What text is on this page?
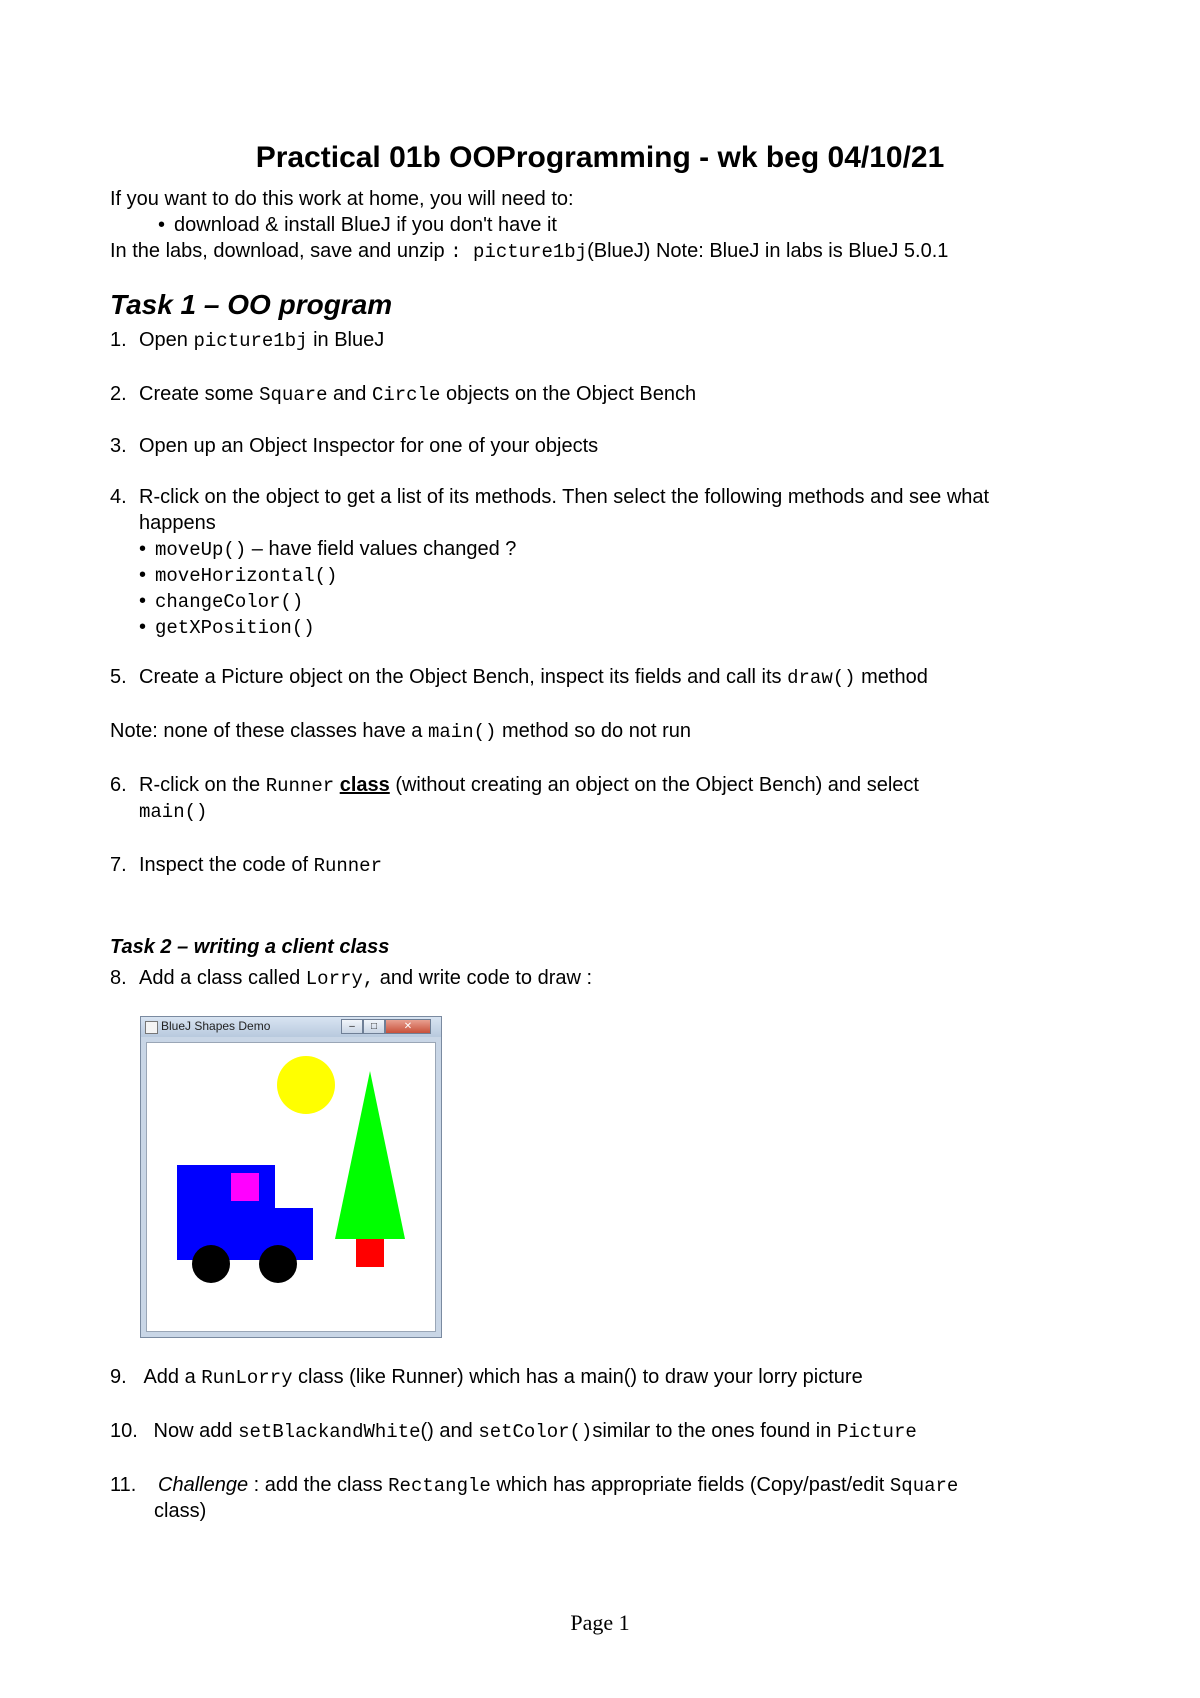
Practical 01b OOProgramming - wk beg 04/10/21
If you want to do this work at home, you will need to:
• download & install BlueJ if you don't have it
In the labs, download, save and unzip : picture1bj(BlueJ) Note: BlueJ in labs is BlueJ 5.0.1
Task 1 – OO program
1. Open picture1bj in BlueJ
2. Create some Square and Circle objects on the Object Bench
3. Open up an Object Inspector for one of your objects
4. R-click on the object to get a list of its methods. Then select the following methods and see what
happens
• moveUp() – have field values changed ?
• moveHorizontal()
• changeColor()
• getXPosition()
5. Create a Picture object on the Object Bench, inspect its fields and call its draw() method
Note: none of these classes have a main() method so do not run
6. R-click on the Runner class (without creating an object on the Object Bench) and select
main()
7. Inspect the code of Runner
Task 2 – writing a client class
8. Add a class called Lorry, and write code to draw :
BlueJ Shapes Demo	–	□	✕
9. Add a RunLorry class (like Runner) which has a main() to draw your lorry picture
10. Now add setBlackandWhite() and setColor()similar to the ones found in Picture
11. Challenge : add the class Rectangle which has appropriate fields (Copy/past/edit Square
class)
Page 1
